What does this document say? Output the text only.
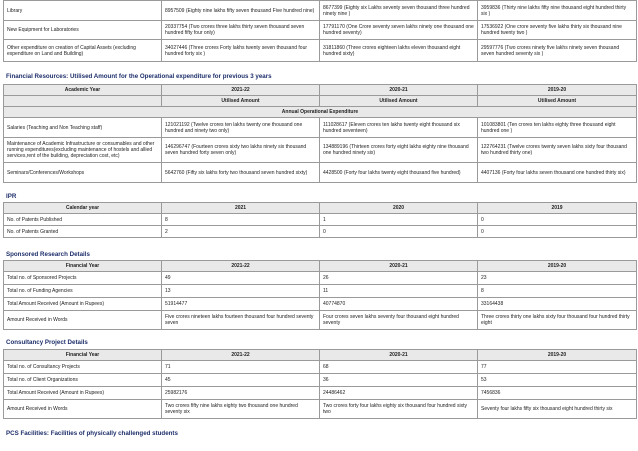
Library	8957509 (Eighty nine lakhs fifty seven thousand Five hundred nine)	8677399 (Eighty six Lakhs seventy seven thousand three hundred ninety nine )	3959836 (Thirty nine lakhs fifty nine thousand eight hundred thirty six )
New Equipment for Laboratories	20337754 (Two crores three lakhs thirty seven thousand seven hundred fifty four only)	17791170 (One Crore seventy seven lakhs ninety one thousand one hundred seventy)	17536922 (One crore seventy five lakhs thirty six thousand nine hundred twenty two )
Other expenditure on creation of Capital Assets (excluding expenditure on Land and Building)	34027446 (Three crores Forty lakhs twenty seven thousand four hundred forty six )	31811860 (Three crores eighteen lakhs eleven thousand eight hundred sixty)	29597776 (Two crores ninety five lakhs ninety seven thousand seven hundred seventy six )
Financial Resources: Utilised Amount for the Operational expenditure for previous 3 years
Academic Year	2021-22	2020-21	2019-20
	Utilised Amount	Utilised Amount	Utilised Amount
Annual Operational Expenditure			
Salaries (Teaching and Non Teaching staff)	121021192 (Twelve crores ten lakhs twenty one thousand one hundred and ninety two only)	111028617 (Eleven crores ten lakhs twenty eight thousand six hundred seventeen)	101083801 (Ten crores ten lakhs eighty three thousand eight hundred one )
Maintenance of Academic Infrastructure or consumables and other running expenditures(excluding maintenance of hostels and allied services,rent of the building, depreciation cost, etc)	146296747 (Fourteen crores sixty two lakhs ninety six thousand seven hundred forty seven only)	134889196 (Thirteen crores forty eight lakhs eighty nine thousand one hundred ninety six)	122764231 (Twelve crores twenty seven lakhs sixty four thousand two hundred thirty one)
Seminars/Conferences/Workshops	5642760 (Fifty six lakhs forty two thousand seven hundred sixty)	4428500 (Forty four lakhs twenty eight thousand five hundred)	4407136 (Forty four lakhs seven thousand one hundred thirty six)
IPR
Calendar year	2021	2020	2019
No. of Patents Published	8	1	0
No. of Patents Granted	2	0	0
Sponsored Research Details
Financial Year	2021-22	2020-21	2019-20
Total no. of Sponsored Projects	49	26	23
Total no. of Funding Agencies	13	11	8
Total Amount Received (Amount in Rupees)	51914477	40774870	33164438
Amount Received in Words	Five crores nineteen lakhs fourteen thousand four hundred seventy seven	Four crores seven lakhs seventy four thousand eight hundred seventy	Three crores thirty one lakhs sixty four thousand four hundred thirty eight
Consultancy Project Details
Financial Year	2021-22	2020-21	2019-20
Total no. of Consultancy Projects	71	68	77
Total no. of Client Organizations	45	36	53
Total Amount Received (Amount in Rupees)	25982176	24486462	7456836
Amount Received in Words	Two crores fifty nine lakhs eighty two thousand one hundred seventy six	Two crores forty four lakhs eighty six thousand four hundred sixty two	Seventy four lakhs fifty six thousand eight hundred thirty six
PCS Facilities: Facilities of physically challenged students
